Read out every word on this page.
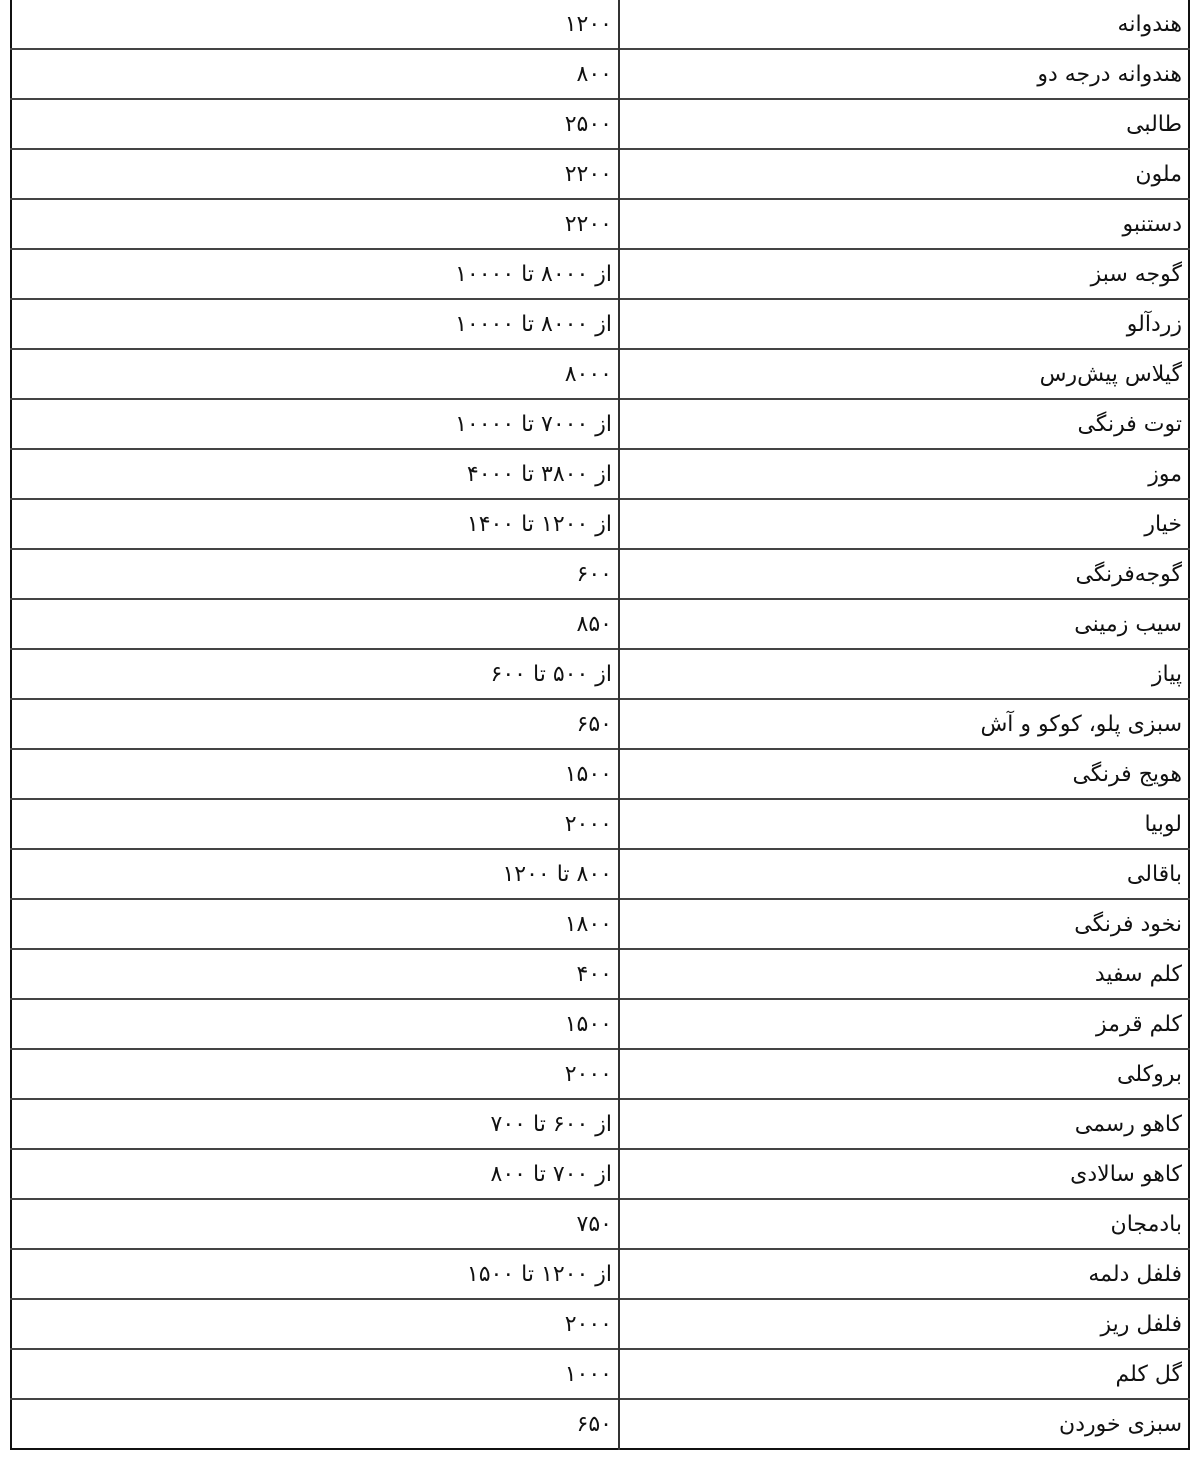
هندوانه	۱۲۰۰
هندوانه درجه دو	۸۰۰
طالبی	۲۵۰۰
ملون	۲۲۰۰
دستنبو	۲۲۰۰
گوجه سبز	از ۸۰۰۰ تا ۱۰۰۰۰
زردآلو	از ۸۰۰۰ تا ۱۰۰۰۰
گیلاس پیش‌رس	۸۰۰۰
توت فرنگی	از ۷۰۰۰ تا ۱۰۰۰۰
موز	از ۳۸۰۰ تا ۴۰۰۰
خیار	از ۱۲۰۰ تا ۱۴۰۰
گوجه‌فرنگی	۶۰۰
سیب زمینی	۸۵۰
پیاز	از ۵۰۰ تا ۶۰۰
سبزی پلو، کوکو و آش	۶۵۰
هویج فرنگی	۱۵۰۰
لوبیا	۲۰۰۰
باقالی	۸۰۰ تا ۱۲۰۰
نخود فرنگی	۱۸۰۰
کلم سفید	۴۰۰
کلم قرمز	۱۵۰۰
بروکلی	۲۰۰۰
کاهو رسمی	از ۶۰۰ تا ۷۰۰
کاهو سالادی	از ۷۰۰ تا ۸۰۰
بادمجان	۷۵۰
فلفل دلمه	از ۱۲۰۰ تا ۱۵۰۰
فلفل ریز	۲۰۰۰
گل کلم	۱۰۰۰
سبزی خوردن	۶۵۰
